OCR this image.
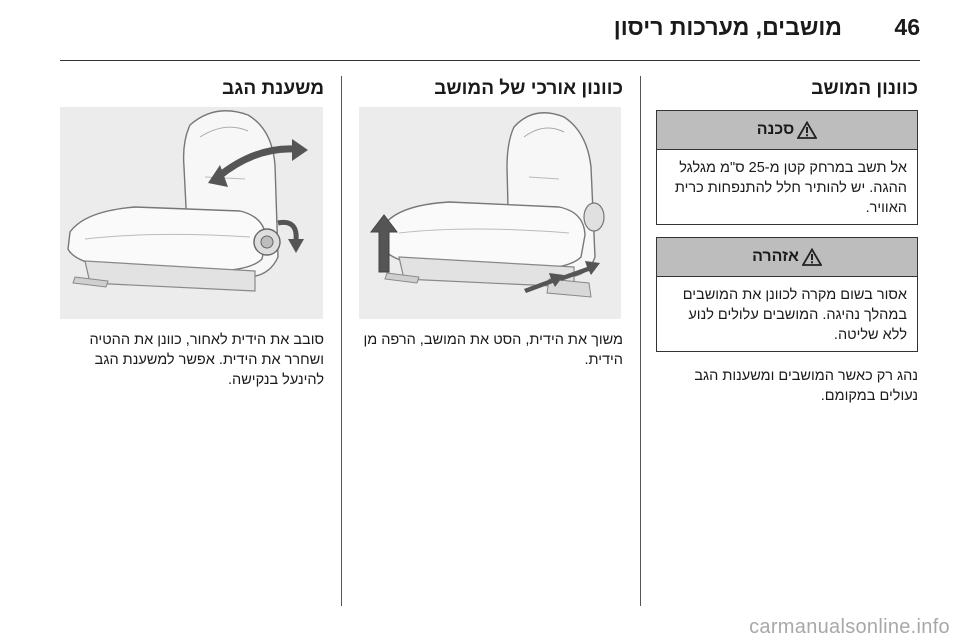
46
מושבים, מערכות ריסון
כוונון המושב
סכנה
אל תשב במרחק קטן מ-25 ס"מ מגלגל ההגה. יש להותיר חלל להתנפחות כרית האוויר.
אזהרה
אסור בשום מקרה לכוונן את המושבים במהלך נהיגה. המושבים עלולים לנוע ללא שליטה.

נהג רק כאשר המושבים ומשענות הגב נעולים במקומם.

כוונון אורכי של המושב

משוך את הידית, הסט את המושב, הרפה מן הידית.

משענת הגב

סובב את הידית לאחור, כוונן את ההטיה ושחרר את הידית. אפשר למשענת הגב להינעל בנקישה.

carmanualsonline.info
